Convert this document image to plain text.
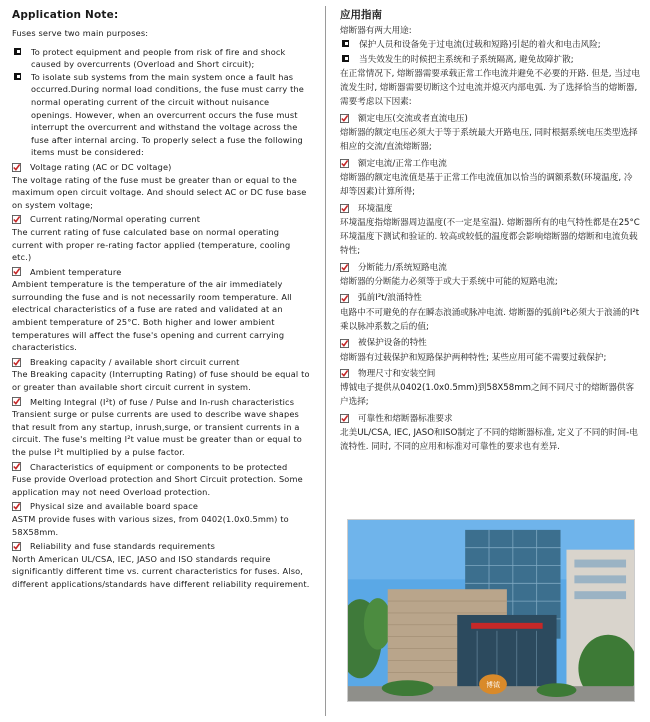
Application Note:

Fuses serve two main purposes:

To protect equipment and people from risk of fire and shock caused by overcurrents (Overload and Short circuit);

To isolate sub systems from the main system once a fault has occurred.During normal load conditions, the fuse must carry the normal operating current of the circuit without nuisance openings. However, when an overcurrent occurs the fuse must interrupt the overcurrent and withstand the voltage across the fuse after internal arcing. To properly select a fuse the following items must be considered:

Voltage rating (AC or DC voltage)

The voltage rating of the fuse must be greater than or equal to the maximum open circuit voltage. And should select AC or DC fuse base on system voltage;

Current rating/Normal operating current

The current rating of fuse calculated base on normal operating current with proper re-rating factor applied (temperature, cooling etc.)

Ambient temperature

Ambient temperature is the temperature of the air immediately surrounding the fuse and is not necessarily room temperature. All electrical characteristics of a fuse are rated and validated at an ambient temperature of 25°C. Both higher and lower ambient temperatures will affect the fuse's opening and current carrying characteristics.

Breaking capacity / available short circuit current

The Breaking capacity (Interrupting Rating) of fuse should be equal to or greater than available short circuit current in system.

Melting Integral (I²t) of fuse / Pulse and In-rush characteristics

Transient surge or pulse currents are used to describe wave shapes that result from any startup, inrush,surge, or transient currents in a circuit. The fuse's melting I²t value must be greater than or equal to the pulse I²t multiplied by a pulse factor.

Characteristics of equipment or components to be protected

Fuse provide Overload protection and Short Circuit protection. Some application may not need Overload protection.

Physical size and available board space

ASTM provide fuses with various sizes, from 0402(1.0x0.5mm) to 58X58mm.

Reliability and fuse standards requirements

North American UL/CSA, IEC, JASO and ISO standards require significantly different time vs. current characteristics for fuses. Also, different applications/standards have different reliability requirement.

应用指南

熔断器有两大用途:

保护人员和设备免于过电流(过载和短路)引起的着火和电击风险;

当失效发生的时候把主系统和子系统隔离, 避免故障扩散;

在正常情况下, 熔断器需要承载正常工作电流并避免不必要的开路. 但是, 当过电流发生时, 熔断器需要切断这个过电流并熄灭内部电弧. 为了选择恰当的熔断器, 需要考虑以下因素:

额定电压(交流或者直流电压)

熔断器的额定电压必须大于等于系统最大开路电压, 同时根据系统电压类型选择相应的交流/直流熔断器;

额定电流/正常工作电流

熔断器的额定电流值是基于正常工作电流值加以恰当的调额系数(环境温度, 冷却等因素)计算所得;

环境温度

环境温度指熔断器周边温度(不一定是室温). 熔断器所有的电气特性都是在25°C环境温度下测试和验证的. 较高或较低的温度都会影响熔断器的熔断和电流负载特性;

分断能力/系统短路电流

熔断器的分断能力必须等于或大于系统中可能的短路电流;

弧前I²t/浪涌特性

电路中不可避免的存在瞬态浪涌或脉冲电流. 熔断器的弧前I²t必须大于浪涌的I²t乘以脉冲系数之后的值;

被保护设备的特性

熔断器有过载保护和短路保护两种特性; 某些应用可能不需要过载保护;

物理尺寸和安装空间

博钺电子提供从0402(1.0x0.5mm)到58X58mm之间不同尺寸的熔断器供客户选择;

可靠性和熔断器标准要求

北美UL/CSA, IEC, JASO和ISO制定了不同的熔断器标准, 定义了不同的时间-电流特性. 同时, 不同的应用和标准对可靠性的要求也有差异.

博钺
